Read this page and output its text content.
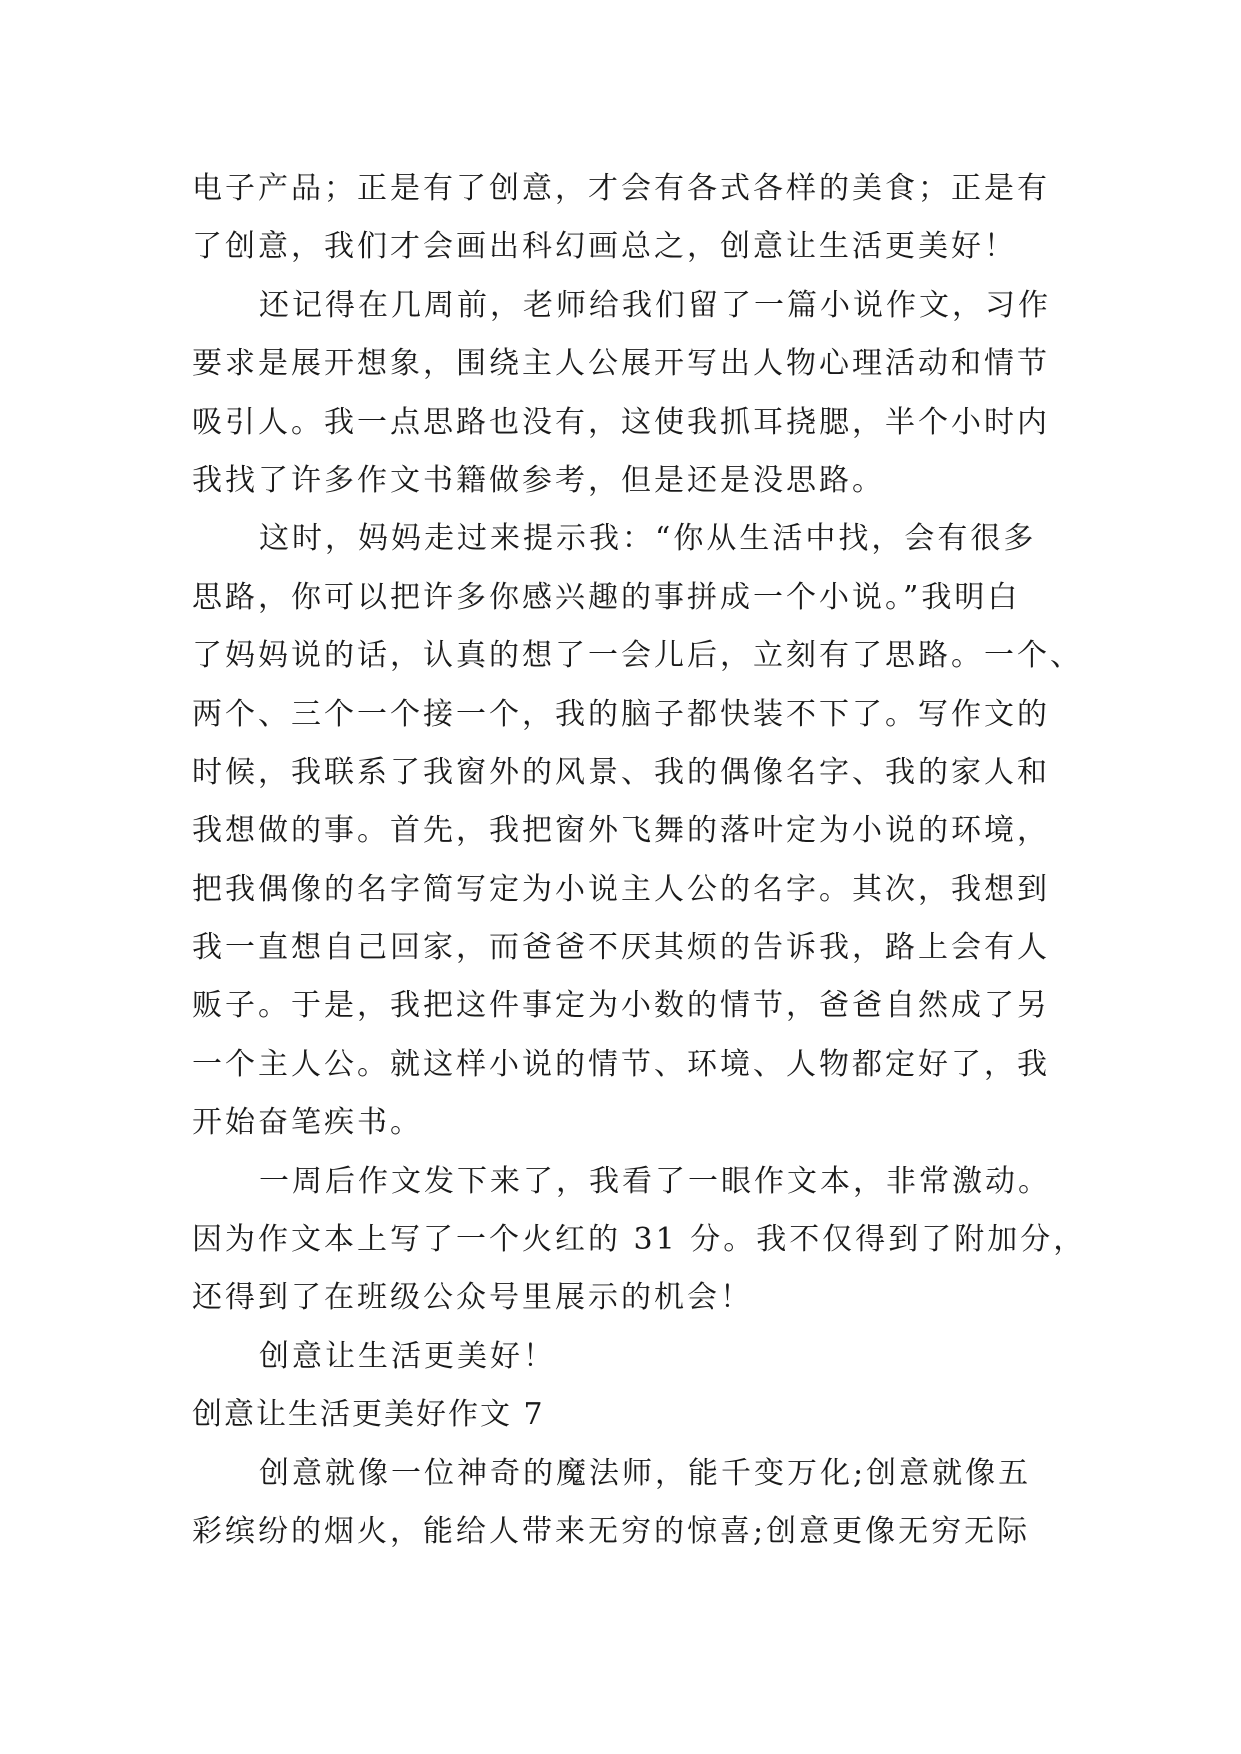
电子产品；正是有了创意，才会有各式各样的美食；正是有
了创意，我们才会画出科幻画总之，创意让生活更美好！
还记得在几周前，老师给我们留了一篇小说作文，习作
要求是展开想象，围绕主人公展开写出人物心理活动和情节
吸引人。我一点思路也没有，这使我抓耳挠腮，半个小时内
我找了许多作文书籍做参考，但是还是没思路。
这时，妈妈走过来提示我：“你从生活中找，会有很多
思路，你可以把许多你感兴趣的事拼成一个小说。”我明白
了妈妈说的话，认真的想了一会儿后，立刻有了思路。一个、
两个、三个一个接一个，我的脑子都快装不下了。写作文的
时候，我联系了我窗外的风景、我的偶像名字、我的家人和
我想做的事。首先，我把窗外飞舞的落叶定为小说的环境，
把我偶像的名字简写定为小说主人公的名字。其次，我想到
我一直想自己回家，而爸爸不厌其烦的告诉我，路上会有人
贩子。于是，我把这件事定为小数的情节，爸爸自然成了另
一个主人公。就这样小说的情节、环境、人物都定好了，我
开始奋笔疾书。
一周后作文发下来了，我看了一眼作文本，非常激动。
因为作文本上写了一个火红的 31 分。我不仅得到了附加分，
还得到了在班级公众号里展示的机会！
创意让生活更美好！
创意让生活更美好作文 7
创意就像一位神奇的魔法师，能千变万化;创意就像五
彩缤纷的烟火，能给人带来无穷的惊喜;创意更像无穷无际
